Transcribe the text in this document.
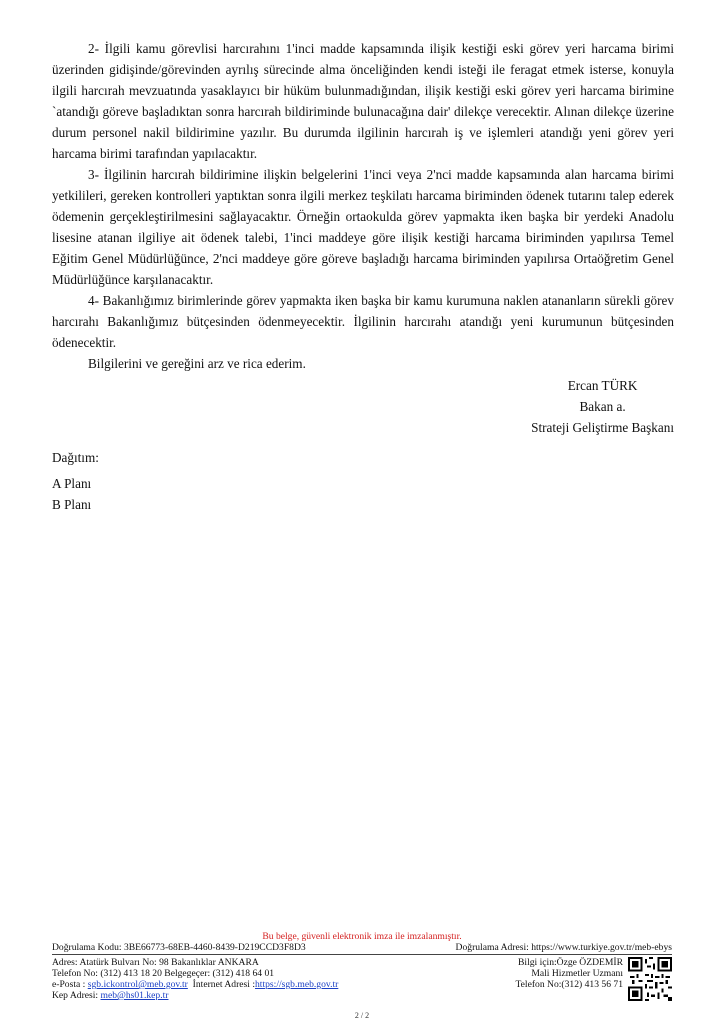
2- İlgili kamu görevlisi harcırahını 1'inci madde kapsamında ilişik kestiği eski görev yeri harcama birimi üzerinden gidişinde/görevinden ayrılış sürecinde alma önceliğinden kendi isteği ile feragat etmek isterse, konuyla ilgili harcırah mevzuatında yasaklayıcı bir hüküm bulunmadığından, ilişik kestiği eski görev yeri harcama birimine `atandığı göreve başladıktan sonra harcırah bildiriminde bulunacağına dair' dilekçe verecektir. Alınan dilekçe üzerine durum personel nakil bildirimine yazılır. Bu durumda ilgilinin harcırah iş ve işlemleri atandığı yeni görev yeri harcama birimi tarafından yapılacaktır.

3- İlgilinin harcırah bildirimine ilişkin belgelerini 1'inci veya 2'nci madde kapsamında alan harcama birimi yetkilileri, gereken kontrolleri yaptıktan sonra ilgili merkez teşkilatı harcama biriminden ödenek tutarını talep ederek ödemenin gerçekleştirilmesini sağlayacaktır. Örneğin ortaokulda görev yapmakta iken başka bir yerdeki Anadolu lisesine atanan ilgiliye ait ödenek talebi, 1'inci maddeye göre ilişik kestiği harcama biriminden yapılırsa Temel Eğitim Genel Müdürlüğünce, 2'nci maddeye göre göreve başladığı harcama biriminden yapılırsa Ortaöğretim Genel Müdürlüğünce karşılanacaktır.

4- Bakanlığımız birimlerinde görev yapmakta iken başka bir kamu kurumuna naklen atananların sürekli görev harcırahı Bakanlığımız bütçesinden ödenmeyecektir. İlgilinin harcırahı atandığı yeni kurumunun bütçesinden ödenecektir.

Bilgilerini ve gereğini arz ve rica ederim.

Ercan TÜRK
Bakan a.
Strateji Geliştirme Başkanı
Dağıtım:
A Planı
B Planı
Bu belge, güvenli elektronik imza ile imzalanmıştır.
Doğrulama Kodu: 3BE66773-68EB-4460-8439-D219CCD3F8D3	Doğrulama Adresi: https://www.turkiye.gov.tr/meb-ebys
Adres: Atatürk Bulvarı No: 98 Bakanlıklar ANKARA
Telefon No: (312) 413 18 20 Belgegeçer: (312) 418 64 01
e-Posta : sgb.ickontrol@meb.gov.tr  İnternet Adresi :https://sgb.meb.gov.tr
Kep Adresi: meb@hs01.kep.tr
Bilgi için:Özge ÖZDEMİR
Mali Hizmetler Uzmanı
Telefon No:(312) 413 56 71
2 / 2
